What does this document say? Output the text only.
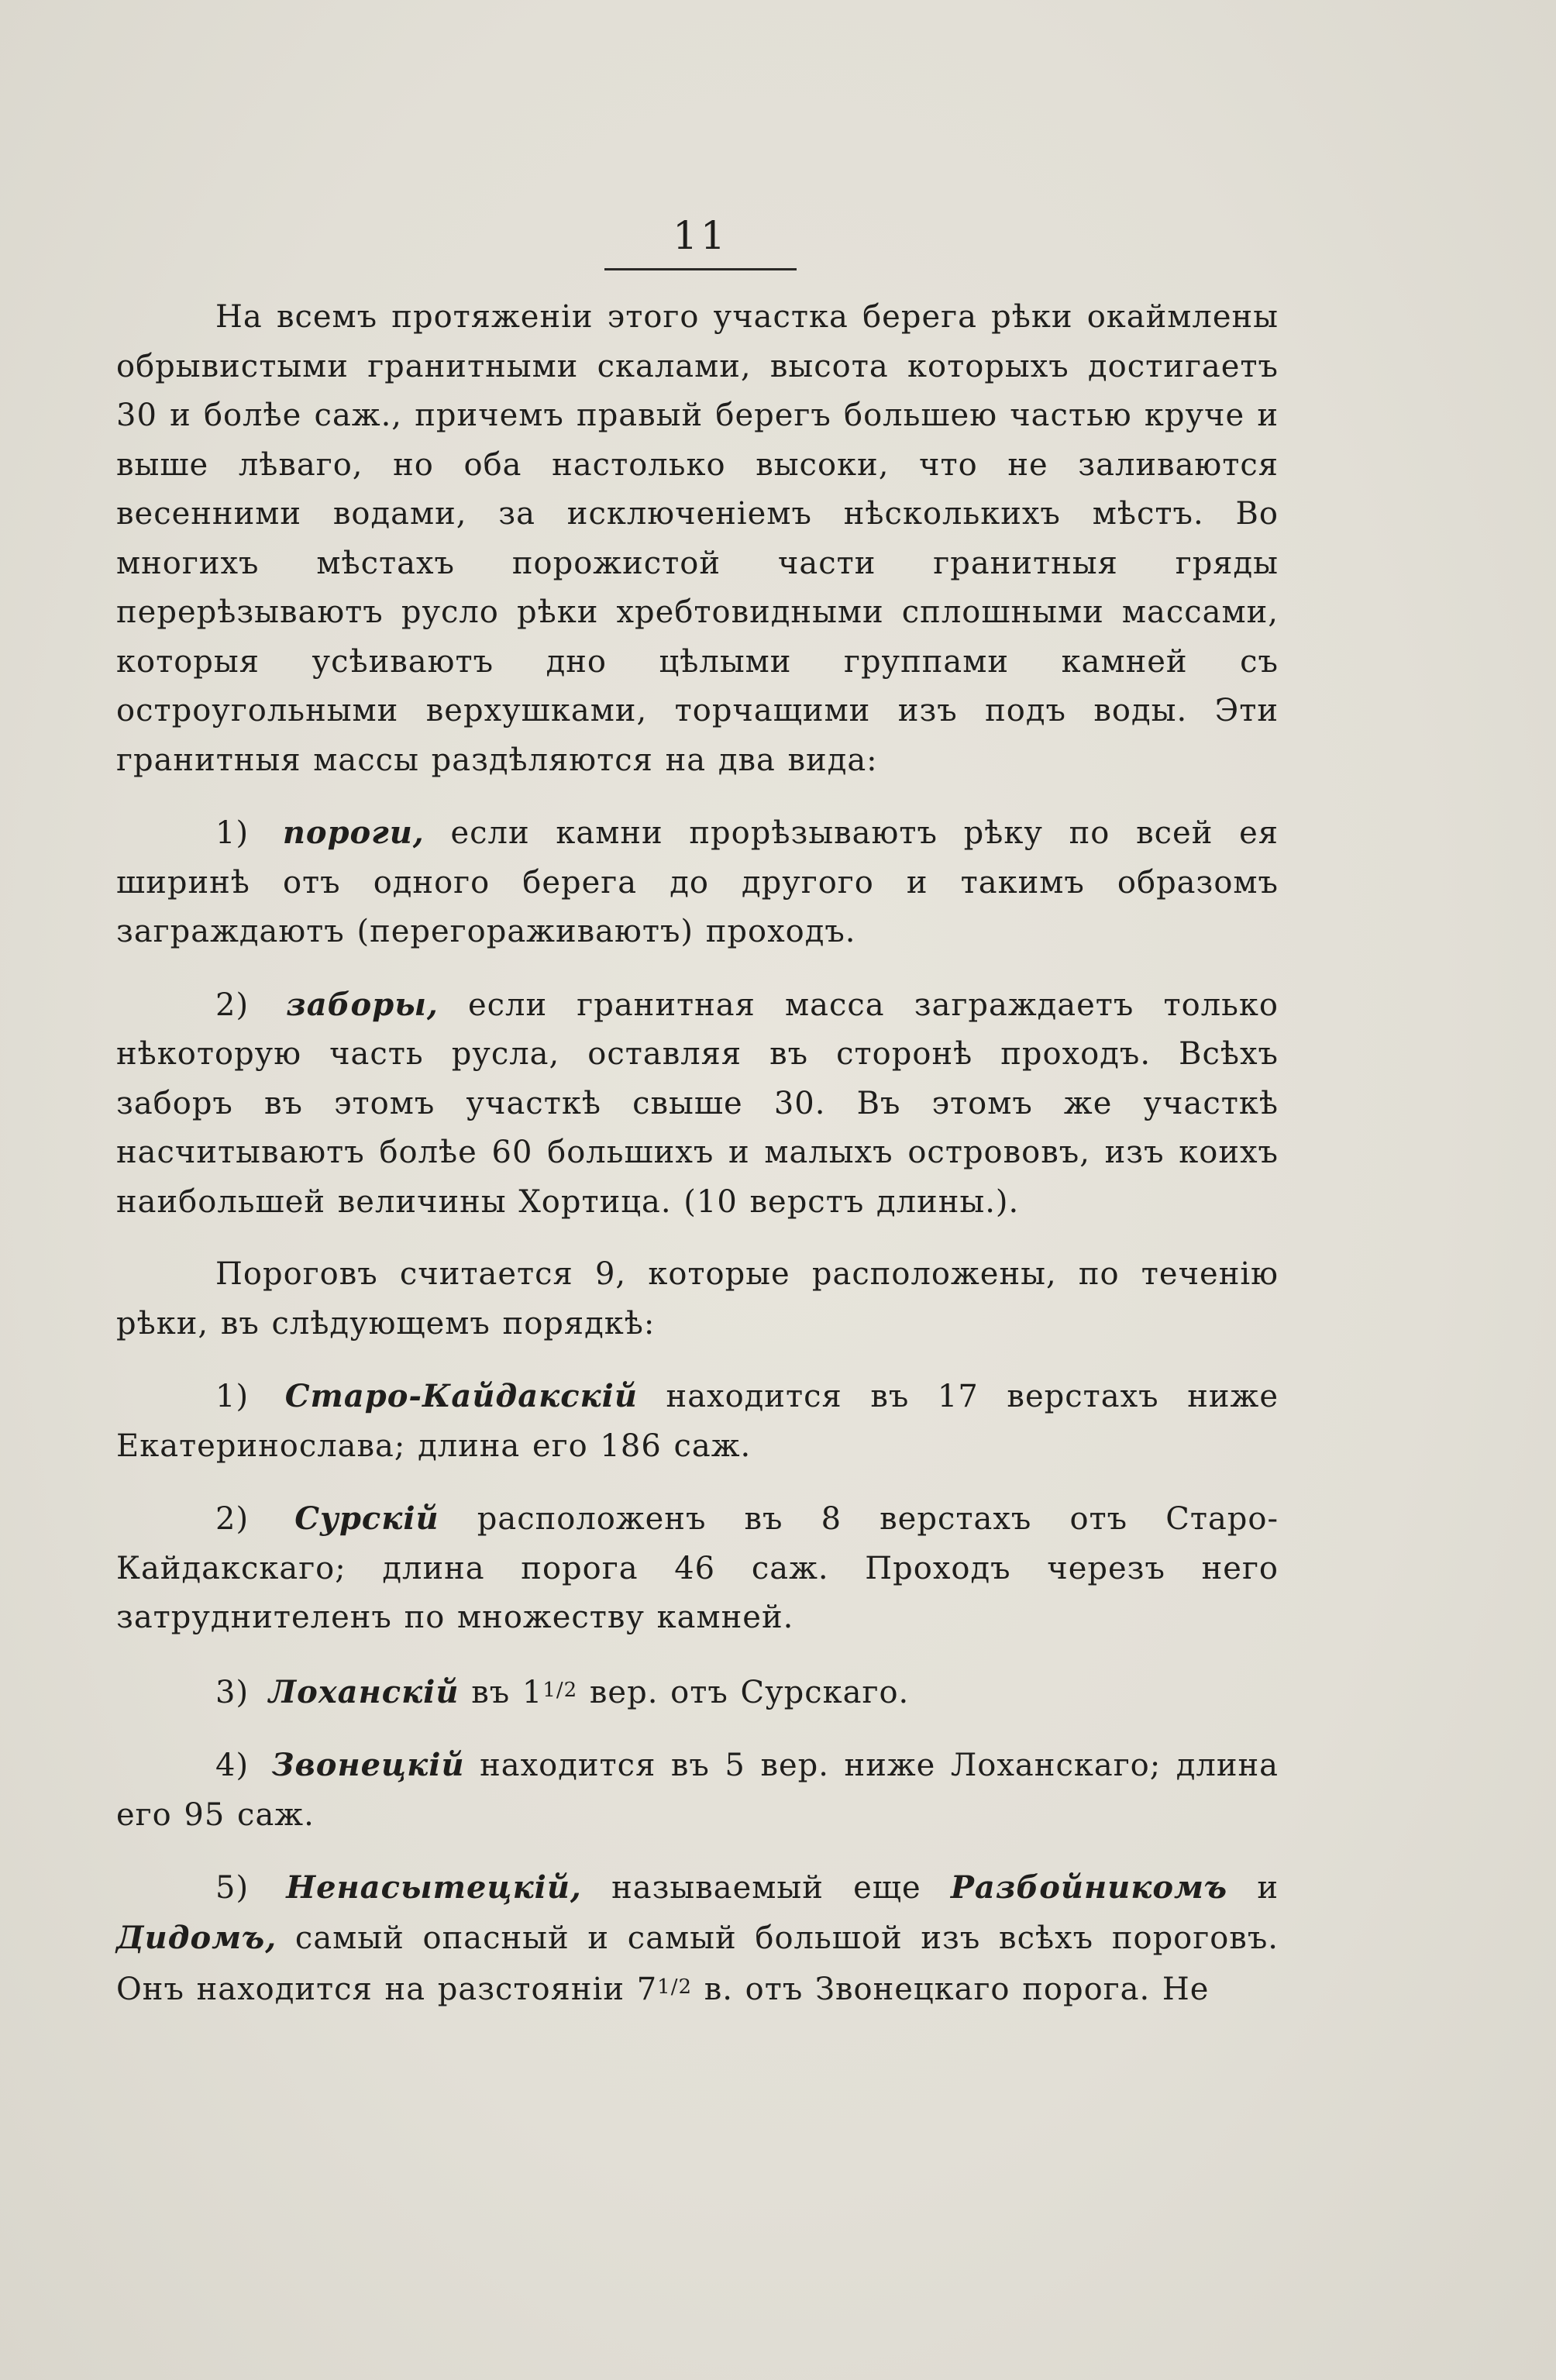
11

На всемъ протяженіи этого участка берега рѣки окаймлены обрывистыми гранитными скалами, высота которыхъ достигаетъ 30 и болѣе саж., причемъ правый берегъ большею частью круче и выше лѣваго, но оба настолько высоки, что не заливаются весенними водами, за исключеніемъ нѣсколькихъ мѣстъ. Во многихъ мѣстахъ порожистой части гранитныя гряды перерѣзываютъ русло рѣки хребтовидными сплошными массами, которыя усѣиваютъ дно цѣлыми группами камней съ остроугольными верхушками, торчащими изъ подъ воды. Эти гранитныя массы раздѣляются на два вида:

1) пороги, если камни прорѣзываютъ рѣку по всей ея ширинѣ отъ одного берега до другого и такимъ образомъ заграждаютъ (перегораживаютъ) проходъ.

2) заборы, если гранитная масса заграждаетъ только нѣкоторую часть русла, оставляя въ сторонѣ проходъ. Всѣхъ заборъ въ этомъ участкѣ свыше 30. Въ этомъ же участкѣ насчитываютъ болѣе 60 большихъ и малыхъ острововъ, изъ коихъ наибольшей величины Хортица. (10 верстъ длины.).

Пороговъ считается 9, которые расположены, по теченію рѣки, въ слѣдующемъ порядкѣ:

1) Старо-Кайдакскій находится въ 17 верстахъ ниже Екатеринослава; длина его 186 саж.

2) Сурскій расположенъ въ 8 верстахъ отъ Старо-Кайдакскаго; длина порога 46 саж. Проходъ черезъ него затруднителенъ по множеству камней.

3) Лоханскій въ $1^{1/2}$ вер. отъ Сурскаго.

4) Звонецкій находится въ 5 вер. ниже Лоханскаго; длина его 95 саж.

5) Ненасытецкій, называемый еще Разбойникомъ и Дидомъ, самый опасный и самый большой изъ всѣхъ пороговъ. Онъ находится на разстояніи $7^{1/2}$ в. отъ Звонецкаго порога. Не
